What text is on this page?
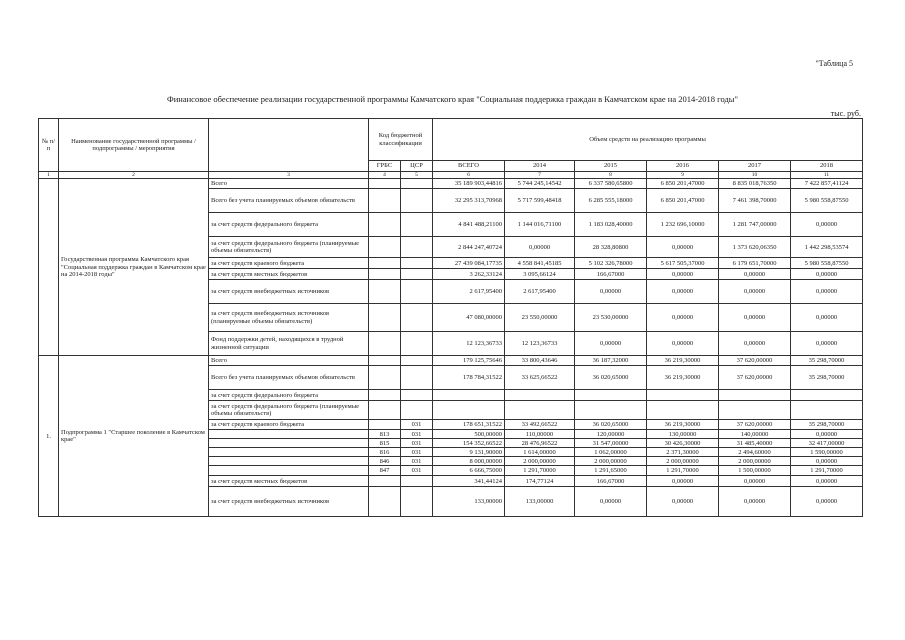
"Таблица 5
Финансовое обеспечение реализации государственной программы Камчатского края "Социальная поддержка граждан в Камчатском крае на 2014-2018 годы"
тыс. руб.
№ п/п	Наименование государственной программы / подпрограммы / мероприятия		Код бюджетной классификации		Объем средств на реализацию программы					
			ГРБС	ЦСР	ВСЕГО	2014	2015	2016	2017	2018
1	2	3	4	5	6	7	8	9	10	11
	Государственная программа Камчатского края "Социальная поддержка граждан в Камчатском крае на 2014-2018 годы"	Всего			35 189 903,44816	5 744 245,14542	6 337 580,65800	6 850 201,47000	8 835 018,76350	7 422 857,41124
		Всего без учета планируемых объемов обязательств			32 295 313,70968	5 717 599,48418	6 285 555,18000	6 850 201,47000	7 461 398,70000	5 980 558,87550
		за счет средств федерального бюджета			4 841 488,21100	1 144 016,71100	1 183 028,40000	1 232 696,10000	1 281 747,00000	0,00000
		за счет средств федерального бюджета (планируемые объемы обязательств)			2 844 247,40724	0,00000	28 328,80800	0,00000	1 373 620,06350	1 442 298,53574
		за счет средств краевого бюджета			27 439 084,17735	4 558 841,45185	5 102 326,78000	5 617 505,37000	6 179 651,70000	5 980 558,87550
		за счет средств местных бюджетов			3 262,33124	3 095,66124	166,67000	0,00000	0,00000	0,00000
		за счет средств внебюджетных источников			2 617,95400	2 617,95400	0,00000	0,00000	0,00000	0,00000
		за счет средств внебюджетных источников (планируемые объемы обязательств)			47 080,00000	23 550,00000	23 530,00000	0,00000	0,00000	0,00000
		Фонд поддержки детей, находящихся в трудной жизненной ситуации			12 123,36733	12 123,36733	0,00000	0,00000	0,00000	0,00000
1.	Подпрограмма 1 "Старшее поколение в Камчатском крае"	Всего			179 125,75646	33 800,43646	36 187,32000	36 219,30000	37 620,00000	35 298,70000
		Всего без учета планируемых объемов обязательств			178 784,31522	33 625,66522	36 020,65000	36 219,30000	37 620,00000	35 298,70000
		за счет средств федерального бюджета								
		за счет средств федерального бюджета (планируемые объемы обязательств)								
		за счет средств краевого бюджета		031	178 651,31522	33 492,66522	36 020,65000	36 219,30000	37 620,00000	35 298,70000
			813	031	500,00000	110,00000	120,00000	130,00000	140,00000	0,00000
			815	031	154 352,66522	28 476,96522	31 547,00000	30 426,30000	31 485,40000	32 417,00000
			816	031	9 131,90000	1 614,00000	1 062,00000	2 371,30000	2 494,60000	1 590,00000
			846	031	8 000,00000	2 000,00000	2 000,00000	2 000,00000	2 000,00000	0,00000
			847	031	6 666,75000	1 291,70000	1 291,65000	1 291,70000	1 500,00000	1 291,70000
		за счет средств местных бюджетов			341,44124	174,77124	166,67000	0,00000	0,00000	0,00000
		за счет средств внебюджетных источников			133,00000	133,00000	0,00000	0,00000	0,00000	0,00000
